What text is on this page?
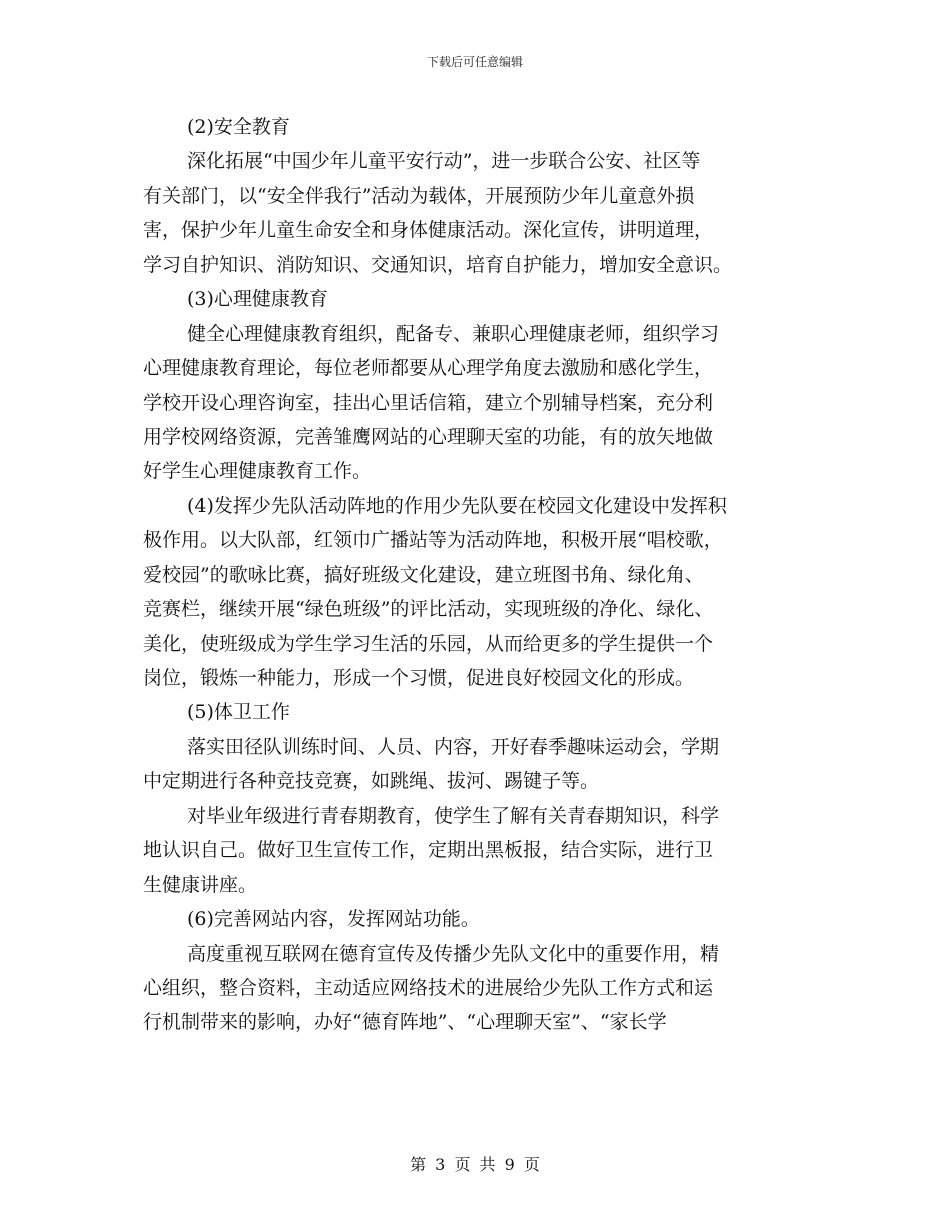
下载后可任意编辑
(2)安全教育
深化拓展“中国少年儿童平安行动”，进一步联合公安、社区等
有关部门，以“安全伴我行”活动为载体，开展预防少年儿童意外损
害，保护少年儿童生命安全和身体健康活动。深化宣传，讲明道理，
学习自护知识、消防知识、交通知识，培育自护能力，增加安全意识。
(3)心理健康教育
健全心理健康教育组织，配备专、兼职心理健康老师，组织学习
心理健康教育理论，每位老师都要从心理学角度去激励和感化学生，
学校开设心理咨询室，挂出心里话信箱，建立个别辅导档案，充分利
用学校网络资源，完善雏鹰网站的心理聊天室的功能，有的放矢地做
好学生心理健康教育工作。
(4)发挥少先队活动阵地的作用少先队要在校园文化建设中发挥积
极作用。以大队部，红领巾广播站等为活动阵地，积极开展“唱校歌，
爱校园”的歌咏比赛，搞好班级文化建设，建立班图书角、绿化角、
竞赛栏，继续开展“绿色班级”的评比活动，实现班级的净化、绿化、
美化，使班级成为学生学习生活的乐园，从而给更多的学生提供一个
岗位，锻炼一种能力，形成一个习惯，促进良好校园文化的形成。
(5)体卫工作
落实田径队训练时间、人员、内容，开好春季趣味运动会，学期
中定期进行各种竞技竞赛，如跳绳、拔河、踢键子等。
对毕业年级进行青春期教育，使学生了解有关青春期知识，科学
地认识自己。做好卫生宣传工作，定期出黑板报，结合实际，进行卫
生健康讲座。
(6)完善网站内容，发挥网站功能。
高度重视互联网在德育宣传及传播少先队文化中的重要作用，精
心组织，整合资料，主动适应网络技术的进展给少先队工作方式和运
行机制带来的影响，办好“德育阵地”、“心理聊天室”、“家长学
第 3 页 共 9 页
